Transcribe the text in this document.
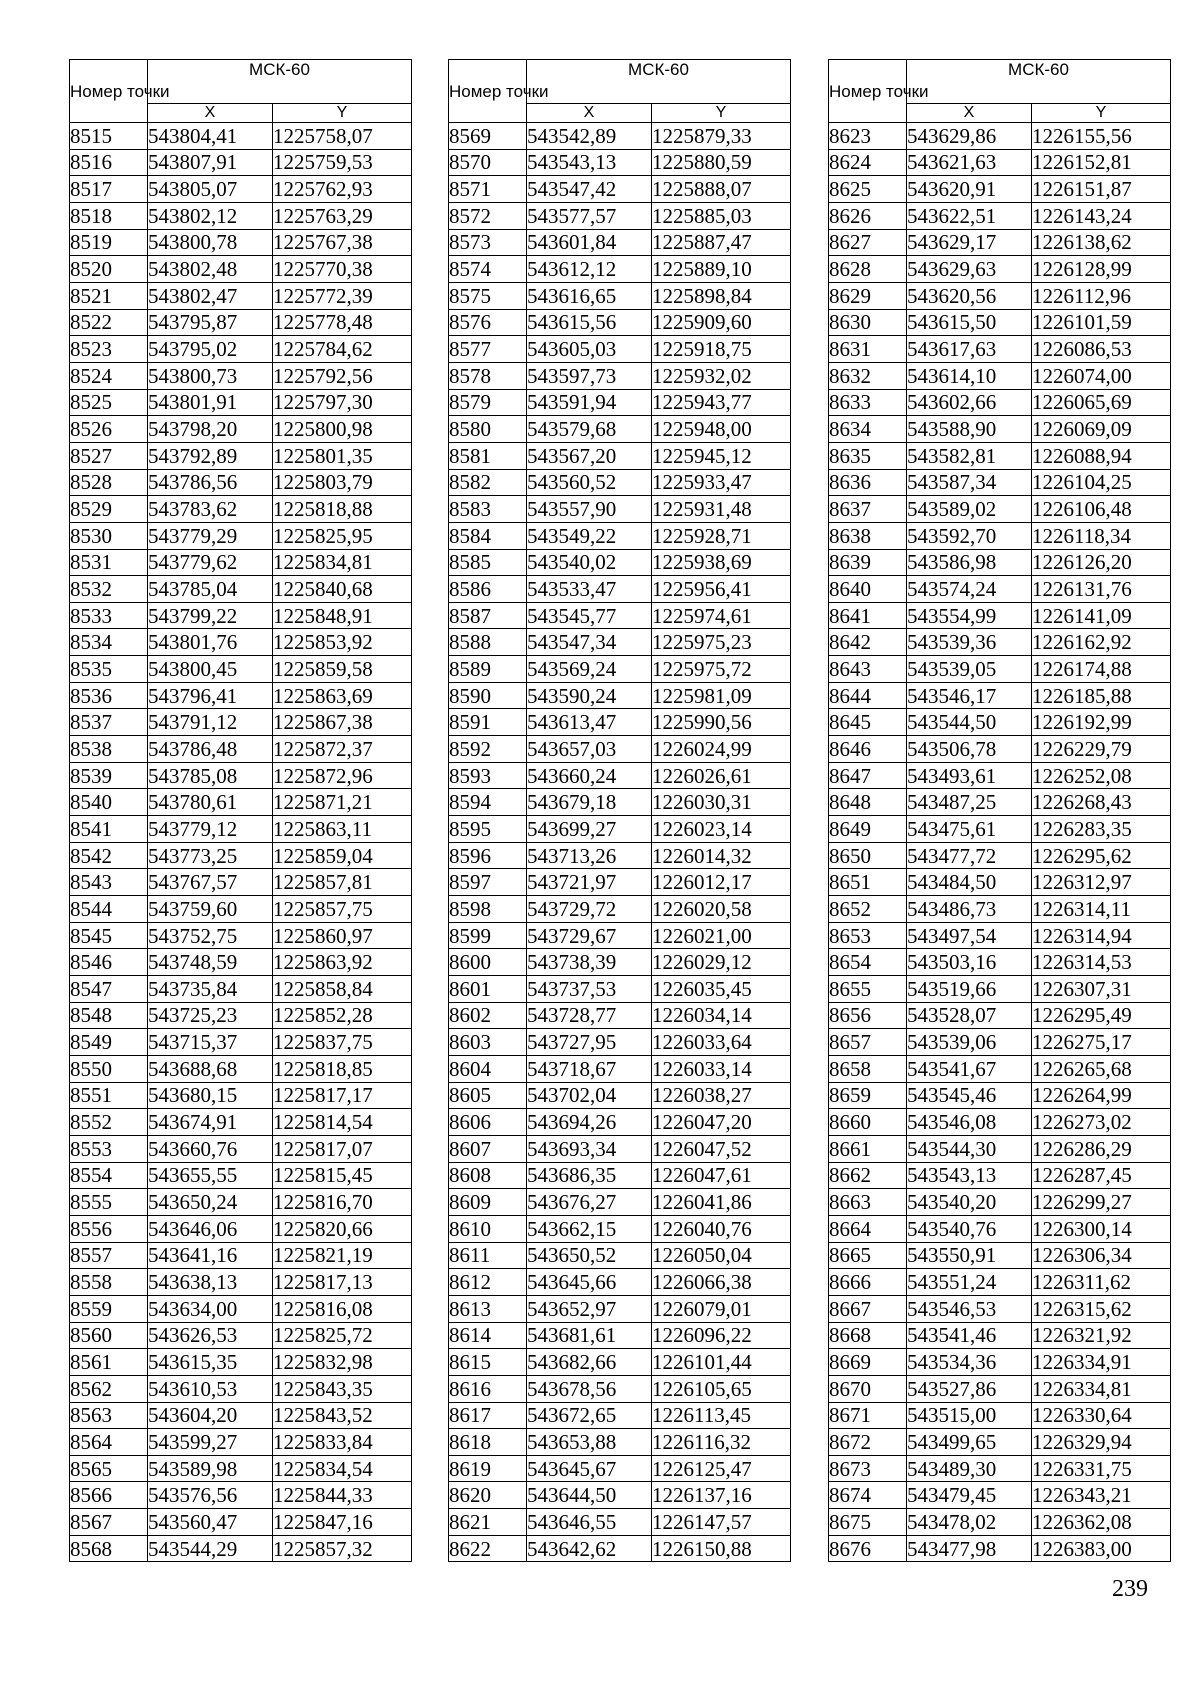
Номер точки	МСК-60	
	X	Y
8515	543804,41	1225758,07
8516	543807,91	1225759,53
8517	543805,07	1225762,93
8518	543802,12	1225763,29
8519	543800,78	1225767,38
8520	543802,48	1225770,38
8521	543802,47	1225772,39
8522	543795,87	1225778,48
8523	543795,02	1225784,62
8524	543800,73	1225792,56
8525	543801,91	1225797,30
8526	543798,20	1225800,98
8527	543792,89	1225801,35
8528	543786,56	1225803,79
8529	543783,62	1225818,88
8530	543779,29	1225825,95
8531	543779,62	1225834,81
8532	543785,04	1225840,68
8533	543799,22	1225848,91
8534	543801,76	1225853,92
8535	543800,45	1225859,58
8536	543796,41	1225863,69
8537	543791,12	1225867,38
8538	543786,48	1225872,37
8539	543785,08	1225872,96
8540	543780,61	1225871,21
8541	543779,12	1225863,11
8542	543773,25	1225859,04
8543	543767,57	1225857,81
8544	543759,60	1225857,75
8545	543752,75	1225860,97
8546	543748,59	1225863,92
8547	543735,84	1225858,84
8548	543725,23	1225852,28
8549	543715,37	1225837,75
8550	543688,68	1225818,85
8551	543680,15	1225817,17
8552	543674,91	1225814,54
8553	543660,76	1225817,07
8554	543655,55	1225815,45
8555	543650,24	1225816,70
8556	543646,06	1225820,66
8557	543641,16	1225821,19
8558	543638,13	1225817,13
8559	543634,00	1225816,08
8560	543626,53	1225825,72
8561	543615,35	1225832,98
8562	543610,53	1225843,35
8563	543604,20	1225843,52
8564	543599,27	1225833,84
8565	543589,98	1225834,54
8566	543576,56	1225844,33
8567	543560,47	1225847,16
8568	543544,29	1225857,32
Номер точки	МСК-60	
	X	Y
8569	543542,89	1225879,33
8570	543543,13	1225880,59
8571	543547,42	1225888,07
8572	543577,57	1225885,03
8573	543601,84	1225887,47
8574	543612,12	1225889,10
8575	543616,65	1225898,84
8576	543615,56	1225909,60
8577	543605,03	1225918,75
8578	543597,73	1225932,02
8579	543591,94	1225943,77
8580	543579,68	1225948,00
8581	543567,20	1225945,12
8582	543560,52	1225933,47
8583	543557,90	1225931,48
8584	543549,22	1225928,71
8585	543540,02	1225938,69
8586	543533,47	1225956,41
8587	543545,77	1225974,61
8588	543547,34	1225975,23
8589	543569,24	1225975,72
8590	543590,24	1225981,09
8591	543613,47	1225990,56
8592	543657,03	1226024,99
8593	543660,24	1226026,61
8594	543679,18	1226030,31
8595	543699,27	1226023,14
8596	543713,26	1226014,32
8597	543721,97	1226012,17
8598	543729,72	1226020,58
8599	543729,67	1226021,00
8600	543738,39	1226029,12
8601	543737,53	1226035,45
8602	543728,77	1226034,14
8603	543727,95	1226033,64
8604	543718,67	1226033,14
8605	543702,04	1226038,27
8606	543694,26	1226047,20
8607	543693,34	1226047,52
8608	543686,35	1226047,61
8609	543676,27	1226041,86
8610	543662,15	1226040,76
8611	543650,52	1226050,04
8612	543645,66	1226066,38
8613	543652,97	1226079,01
8614	543681,61	1226096,22
8615	543682,66	1226101,44
8616	543678,56	1226105,65
8617	543672,65	1226113,45
8618	543653,88	1226116,32
8619	543645,67	1226125,47
8620	543644,50	1226137,16
8621	543646,55	1226147,57
8622	543642,62	1226150,88
Номер точки	МСК-60	
	X	Y
8623	543629,86	1226155,56
8624	543621,63	1226152,81
8625	543620,91	1226151,87
8626	543622,51	1226143,24
8627	543629,17	1226138,62
8628	543629,63	1226128,99
8629	543620,56	1226112,96
8630	543615,50	1226101,59
8631	543617,63	1226086,53
8632	543614,10	1226074,00
8633	543602,66	1226065,69
8634	543588,90	1226069,09
8635	543582,81	1226088,94
8636	543587,34	1226104,25
8637	543589,02	1226106,48
8638	543592,70	1226118,34
8639	543586,98	1226126,20
8640	543574,24	1226131,76
8641	543554,99	1226141,09
8642	543539,36	1226162,92
8643	543539,05	1226174,88
8644	543546,17	1226185,88
8645	543544,50	1226192,99
8646	543506,78	1226229,79
8647	543493,61	1226252,08
8648	543487,25	1226268,43
8649	543475,61	1226283,35
8650	543477,72	1226295,62
8651	543484,50	1226312,97
8652	543486,73	1226314,11
8653	543497,54	1226314,94
8654	543503,16	1226314,53
8655	543519,66	1226307,31
8656	543528,07	1226295,49
8657	543539,06	1226275,17
8658	543541,67	1226265,68
8659	543545,46	1226264,99
8660	543546,08	1226273,02
8661	543544,30	1226286,29
8662	543543,13	1226287,45
8663	543540,20	1226299,27
8664	543540,76	1226300,14
8665	543550,91	1226306,34
8666	543551,24	1226311,62
8667	543546,53	1226315,62
8668	543541,46	1226321,92
8669	543534,36	1226334,91
8670	543527,86	1226334,81
8671	543515,00	1226330,64
8672	543499,65	1226329,94
8673	543489,30	1226331,75
8674	543479,45	1226343,21
8675	543478,02	1226362,08
8676	543477,98	1226383,00
239
